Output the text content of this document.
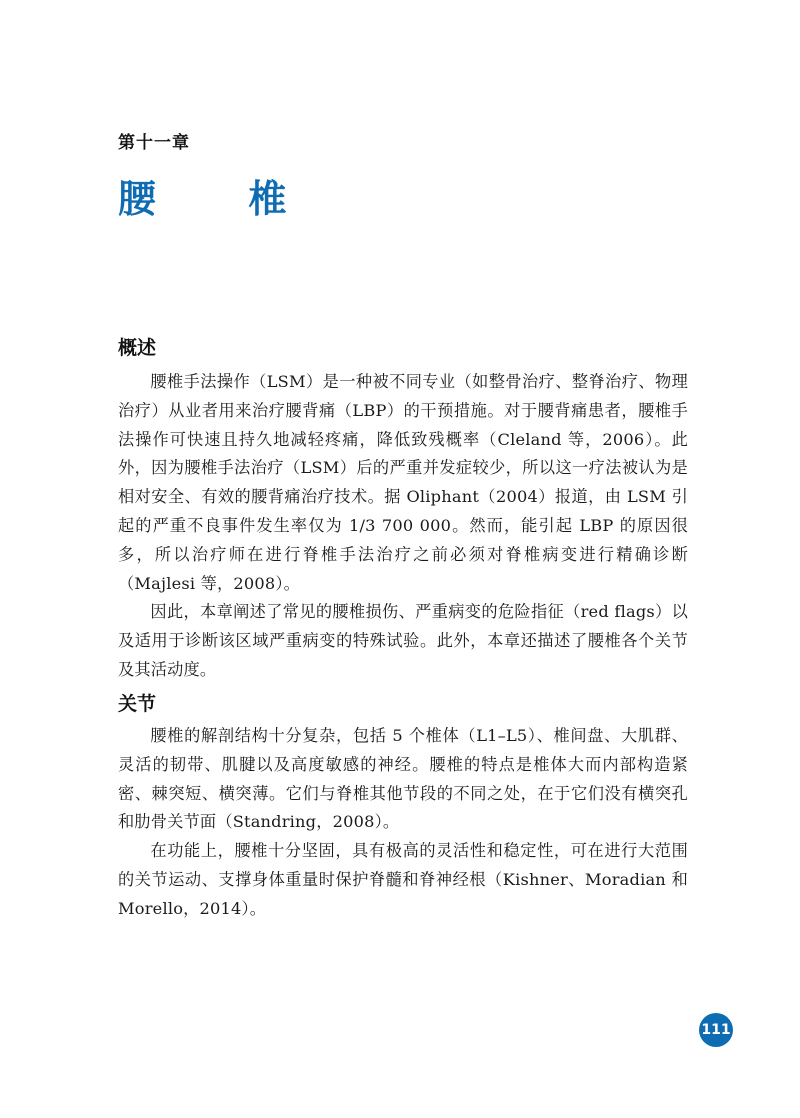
第十一章
腰  椎
概述

腰椎手法操作（LSM）是一种被不同专业（如整骨治疗、整脊治疗、物理治疗）从业者用来治疗腰背痛（LBP）的干预措施。对于腰背痛患者，腰椎手法操作可快速且持久地减轻疼痛，降低致残概率（Cleland 等，2006）。此外，因为腰椎手法治疗（LSM）后的严重并发症较少，所以这一疗法被认为是相对安全、有效的腰背痛治疗技术。据 Oliphant（2004）报道，由 LSM 引起的严重不良事件发生率仅为 1/3 700 000。然而，能引起 LBP 的原因很多，所以治疗师在进行脊椎手法治疗之前必须对脊椎病变进行精确诊断（Majlesi 等，2008）。

因此，本章阐述了常见的腰椎损伤、严重病变的危险指征（red flags）以及适用于诊断该区域严重病变的特殊试验。此外，本章还描述了腰椎各个关节及其活动度。

关节

腰椎的解剖结构十分复杂，包括 5 个椎体（L1–L5）、椎间盘、大肌群、灵活的韧带、肌腱以及高度敏感的神经。腰椎的特点是椎体大而内部构造紧密、棘突短、横突薄。它们与脊椎其他节段的不同之处，在于它们没有横突孔和肋骨关节面（Standring，2008）。

在功能上，腰椎十分坚固，具有极高的灵活性和稳定性，可在进行大范围的关节运动、支撑身体重量时保护脊髓和脊神经根（Kishner、Moradian 和 Morello，2014）。

111
